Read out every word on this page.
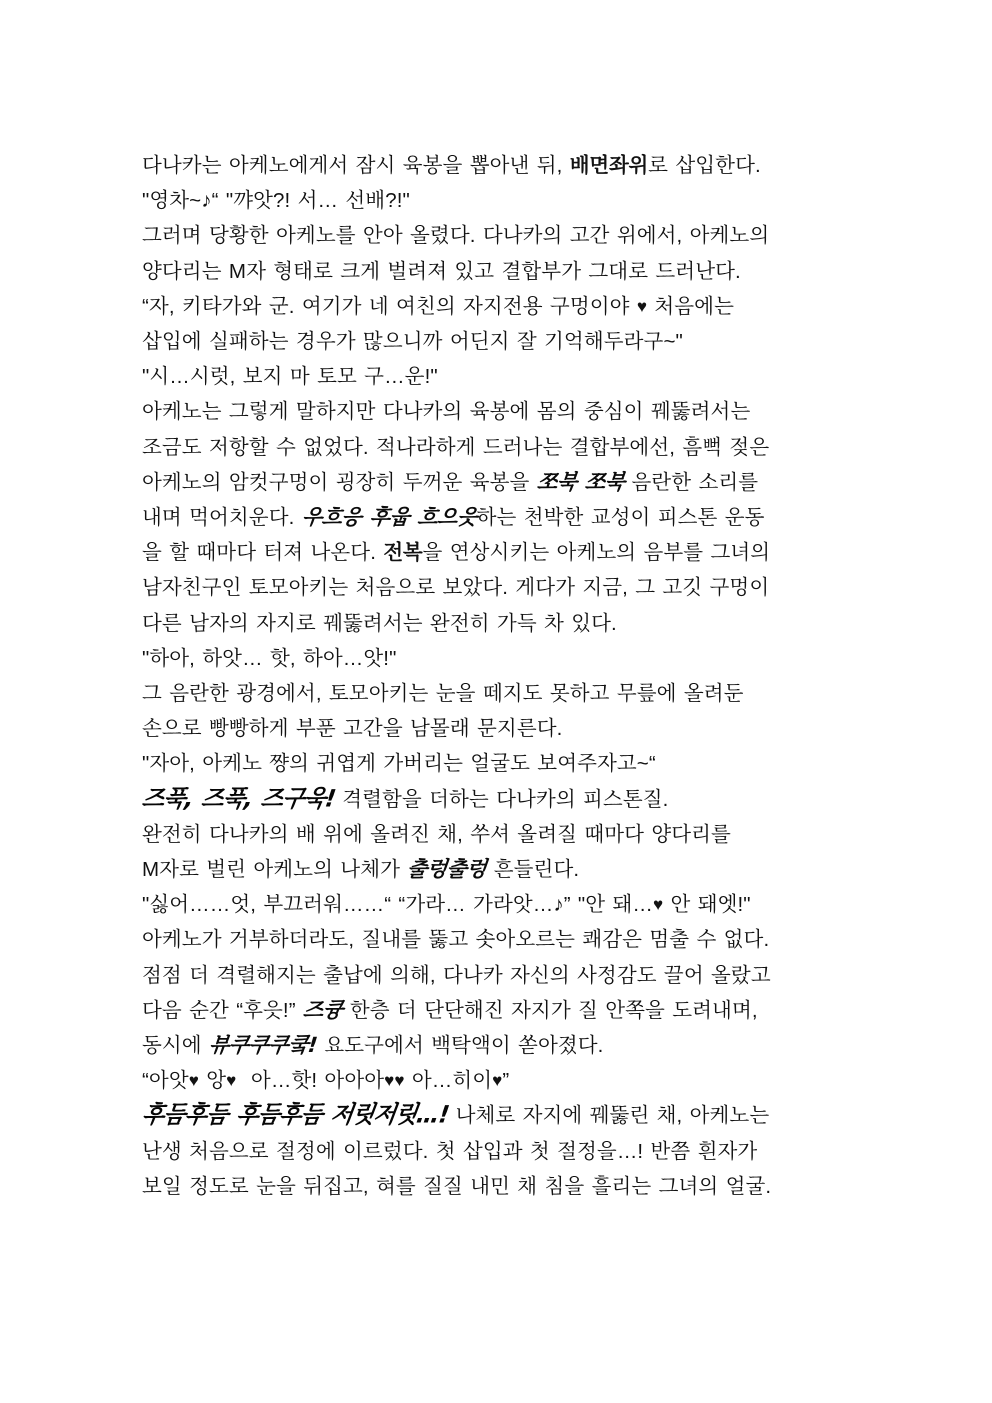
다나카는 아케노에게서 잠시 육봉을 뽑아낸 뒤, 배면좌위로 삽입한다.
"영차~♪“ "꺄앗?! 서… 선배?!"
그러며 당황한 아케노를 안아 올렸다. 다나카의 고간 위에서, 아케노의
양다리는 M자 형태로 크게 벌려져 있고 결합부가 그대로 드러난다.
“자, 키타가와 군. 여기가 네 여친의 자지전용 구멍이야 ♥ 처음에는
삽입에 실패하는 경우가 많으니까 어딘지 잘 기억해두라구~"
"시…시럿, 보지 마 토모 구…운!"
아케노는 그렇게 말하지만 다나카의 육봉에 몸의 중심이 꿰뚫려서는
조금도 저항할 수 없었다. 적나라하게 드러나는 결합부에선, 흠뻑 젖은
아케노의 암컷구멍이 굉장히 두꺼운 육봉을 쪼북 쪼북 음란한 소리를
내며 먹어치운다. 우흐응 후웁 흐으읏하는 천박한 교성이 피스톤 운동
을 할 때마다 터져 나온다. 전복을 연상시키는 아케노의 음부를 그녀의
남자친구인 토모아키는 처음으로 보았다. 게다가 지금, 그 고깃 구멍이
다른 남자의 자지로 꿰뚫려서는 완전히 가득 차 있다.
"하아, 하앗… 핫, 하아…앗!"
그 음란한 광경에서, 토모아키는 눈을 떼지도 못하고 무릎에 올려둔
손으로 빵빵하게 부푼 고간을 남몰래 문지른다.
"자아, 아케노 쨩의 귀엽게 가버리는 얼굴도 보여주자고~“
즈푹, 즈푹, 즈구욱! 격렬함을 더하는 다나카의 피스톤질.
완전히 다나카의 배 위에 올려진 채, 쑤셔 올려질 때마다 양다리를
M자로 벌린 아케노의 나체가 출렁출렁 흔들린다.
"싫어……엇, 부끄러워……“ “가라… 가라앗…♪” "안 돼…♥ 안 돼엣!"
아케노가 거부하더라도, 질내를 뚫고 솟아오르는 쾌감은 멈출 수 없다.
점점 더 격렬해지는 출납에 의해, 다나카 자신의 사정감도 끌어 올랐고
다음 순간 “후읏!” 즈큥 한층 더 단단해진 자지가 질 안쪽을 도려내며,
동시에 뷰쿠쿠쿠쿸! 요도구에서 백탁액이 쏟아졌다.
“아앗♥ 앙♥  아…핫! 아아아♥♥ 아…히이♥”
후듬후듬 후듬후듬 저릿저릿…! 나체로 자지에 꿰뚫린 채, 아케노는
난생 처음으로 절정에 이르렀다. 첫 삽입과 첫 절정을…! 반쯤 흰자가
보일 정도로 눈을 뒤집고, 혀를 질질 내민 채 침을 흘리는 그녀의 얼굴.
